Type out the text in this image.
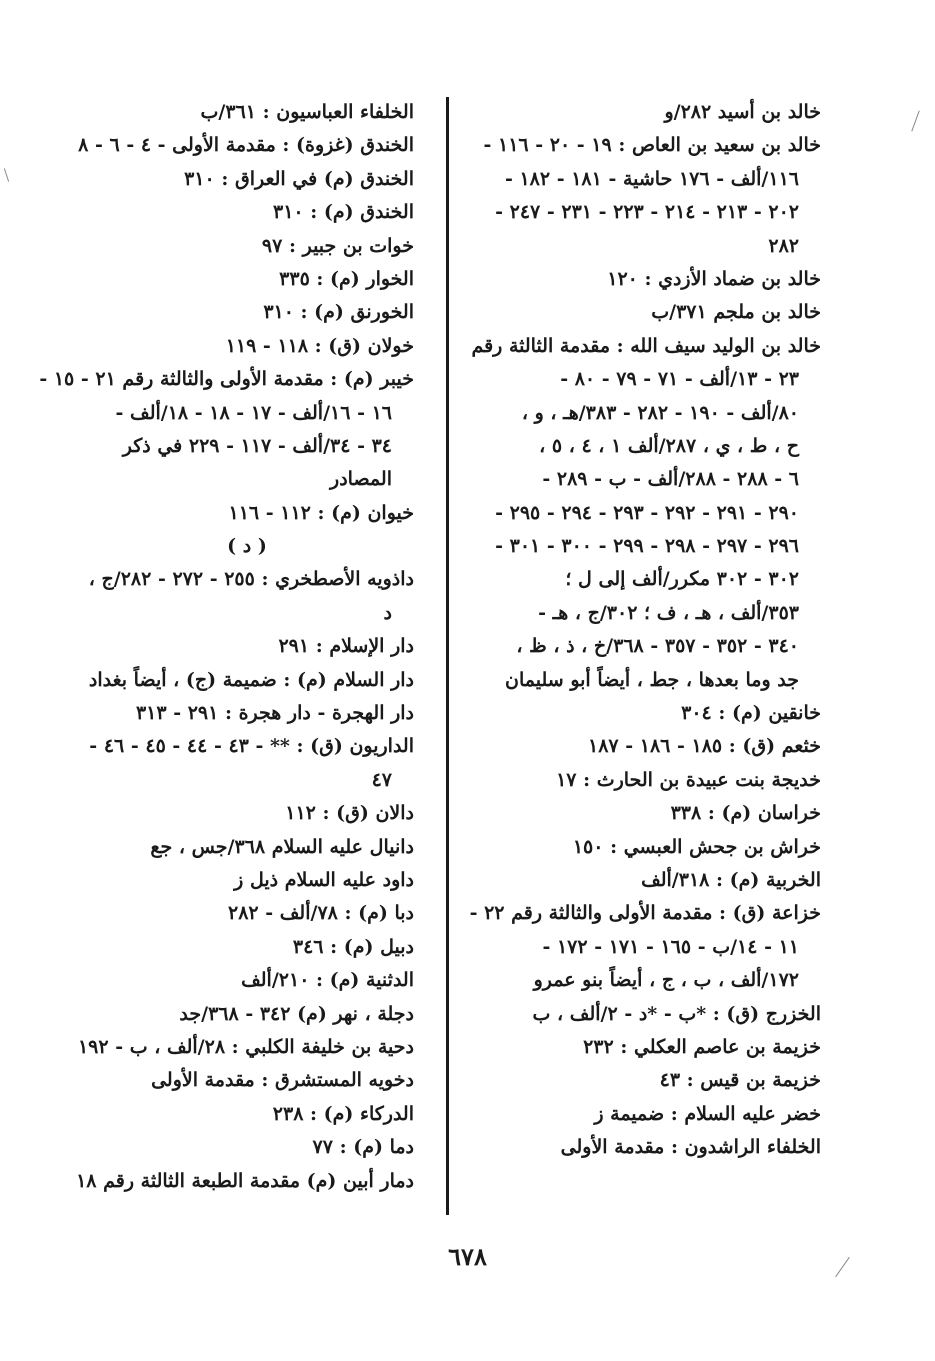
خالد بن أسيد ٢٨٢/و
خالد بن سعيد بن العاص : ١٩ - ٢٠ - ١١٦ -
١١٦/ألف - ١٧٦ حاشية - ١٨١ - ١٨٢ -
٢٠٢ - ٢١٣ - ٢١٤ - ٢٢٣ - ٢٣١ - ٢٤٧ -
٢٨٢
خالد بن ضماد الأزدي : ١٢٠
خالد بن ملجم ٣٧١/ب
خالد بن الوليد سيف الله : مقدمة الثالثة رقم
٢٣ - ١٣/ألف - ٧١ - ٧٩ - ٨٠ -
٨٠/ألف - ١٩٠ - ٢٨٢ - ٣٨٣/هـ ، و ،
ح ، ط ، ي ، ٢٨٧/ألف ١ ، ٤ ، ٥ ،
٦ - ٢٨٨ - ٢٨٨/ألف - ب - ٢٨٩ -
٢٩٠ - ٢٩١ - ٢٩٢ - ٢٩٣ - ٢٩٤ - ٢٩٥ -
٢٩٦ - ٢٩٧ - ٢٩٨ - ٢٩٩ - ٣٠٠ - ٣٠١ -
٣٠٢ - ٣٠٢ مكرر/ألف إلى ل ؛
٣٥٣/ألف ، هـ ، ف ؛ ٣٠٢/ج ، هـ -
٣٤٠ - ٣٥٢ - ٣٥٧ - ٣٦٨/خ ، ذ ، ظ ،
جد وما بعدها ، جط ، أيضاً أبو سليمان
خانقين (م) : ٣٠٤
خثعم (ق) : ١٨٥ - ١٨٦ - ١٨٧
خديجة بنت عبيدة بن الحارث : ١٧
خراسان (م) : ٣٣٨
خراش بن جحش العبسي : ١٥٠
الخربية (م) : ٣١٨/ألف
خزاعة (ق) : مقدمة الأولى والثالثة رقم ٢٢ -
١١ - ١٤/ب - ١٦٥ - ١٧١ - ١٧٢ -
١٧٢/ألف ، ب ، ج ، أيضاً بنو عمرو
الخزرج (ق) : *ب - *د - ٢/ألف ، ب
خزيمة بن عاصم العكلي : ٢٣٢
خزيمة بن قيس : ٤٣
خضر عليه السلام : ضميمة ز
الخلفاء الراشدون : مقدمة الأولى
الخلفاء العباسيون : ٣٦١/ب
الخندق (غزوة) : مقدمة الأولى - ٤ - ٦ - ٨
الخندق (م) في العراق : ٣١٠
الخندق (م) : ٣١٠
خوات بن جبير : ٩٧
الخوار (م) : ٣٣٥
الخورنق (م) : ٣١٠
خولان (ق) : ١١٨ - ١١٩
خيبر (م) : مقدمة الأولى والثالثة رقم ٢١ - ١٥ -
١٦ - ١٦/ألف - ١٧ - ١٨ - ١٨/ألف -
٣٤ - ٣٤/ألف - ١١٧ - ٢٢٩ في ذكر
المصادر
خيوان (م) : ١١٢ - ١١٦
( د )
داذويه الأصطخري : ٢٥٥ - ٢٧٢ - ٢٨٢/ج ،
د
دار الإسلام : ٢٩١
دار السلام (م) : ضميمة (ج) ، أيضاً بغداد
دار الهجرة - دار هجرة : ٢٩١ - ٣١٣
الداريون (ق) : ** - ٤٣ - ٤٤ - ٤٥ - ٤٦ -
٤٧
دالان (ق) : ١١٢
دانيال عليه السلام ٣٦٨/جس ، جع
داود عليه السلام ذيل ز
دبا (م) : ٧٨/ألف - ٢٨٢
دبيل (م) : ٣٤٦
الدثنية (م) : ٢١٠/ألف
دجلة ، نهر (م) ٣٤٢ - ٣٦٨/جد
دحية بن خليفة الكلبي : ٢٨/ألف ، ب - ١٩٢
دخويه المستشرق : مقدمة الأولى
الدركاء (م) : ٢٣٨
دما (م) : ٧٧
دمار أبين (م) مقدمة الطبعة الثالثة رقم ١٨
٦٧٨
